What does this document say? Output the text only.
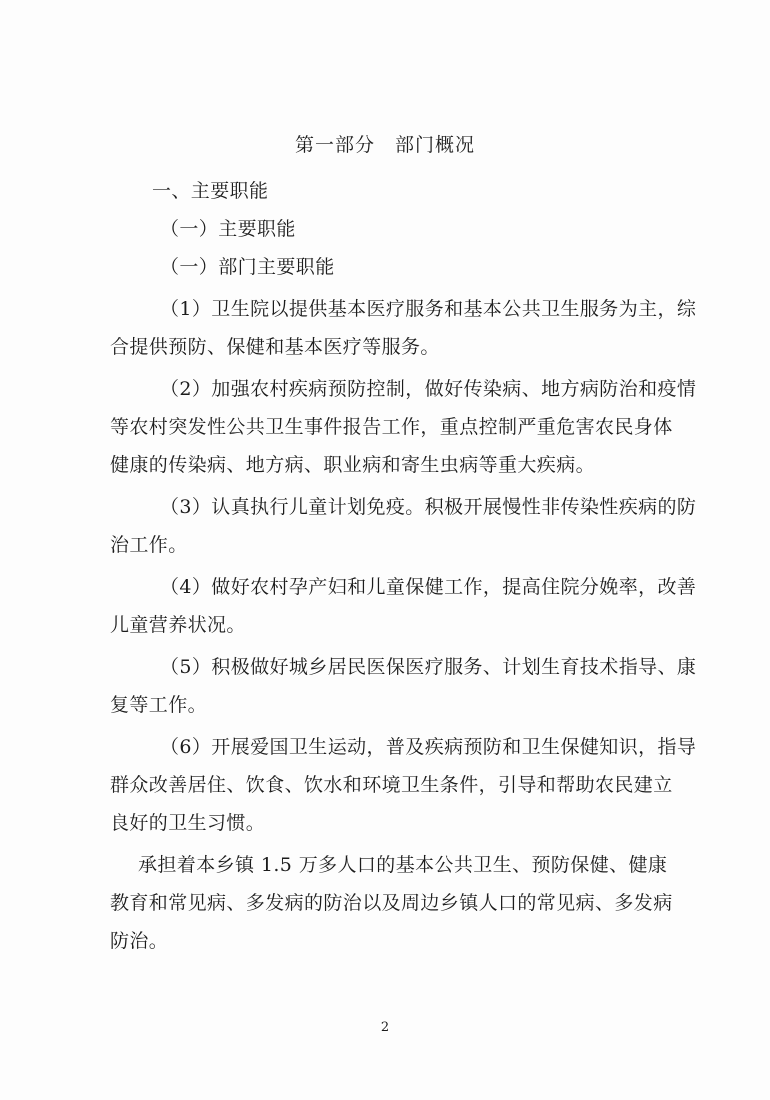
第一部分　部门概况
一、主要职能
（一）主要职能
（一）部门主要职能
（1）卫生院以提供基本医疗服务和基本公共卫生服务为主，综
合提供预防、保健和基本医疗等服务。
（2）加强农村疾病预防控制，做好传染病、地方病防治和疫情
等农村突发性公共卫生事件报告工作，重点控制严重危害农民身体
健康的传染病、地方病、职业病和寄生虫病等重大疾病。
（3）认真执行儿童计划免疫。积极开展慢性非传染性疾病的防
治工作。
（4）做好农村孕产妇和儿童保健工作，提高住院分娩率，改善
儿童营养状况。
（5）积极做好城乡居民医保医疗服务、计划生育技术指导、康
复等工作。
（6）开展爱国卫生运动，普及疾病预防和卫生保健知识，指导
群众改善居住、饮食、饮水和环境卫生条件，引导和帮助农民建立
良好的卫生习惯。
承担着本乡镇 1.5 万多人口的基本公共卫生、预防保健、健康
教育和常见病、多发病的防治以及周边乡镇人口的常见病、多发病
防治。
2
